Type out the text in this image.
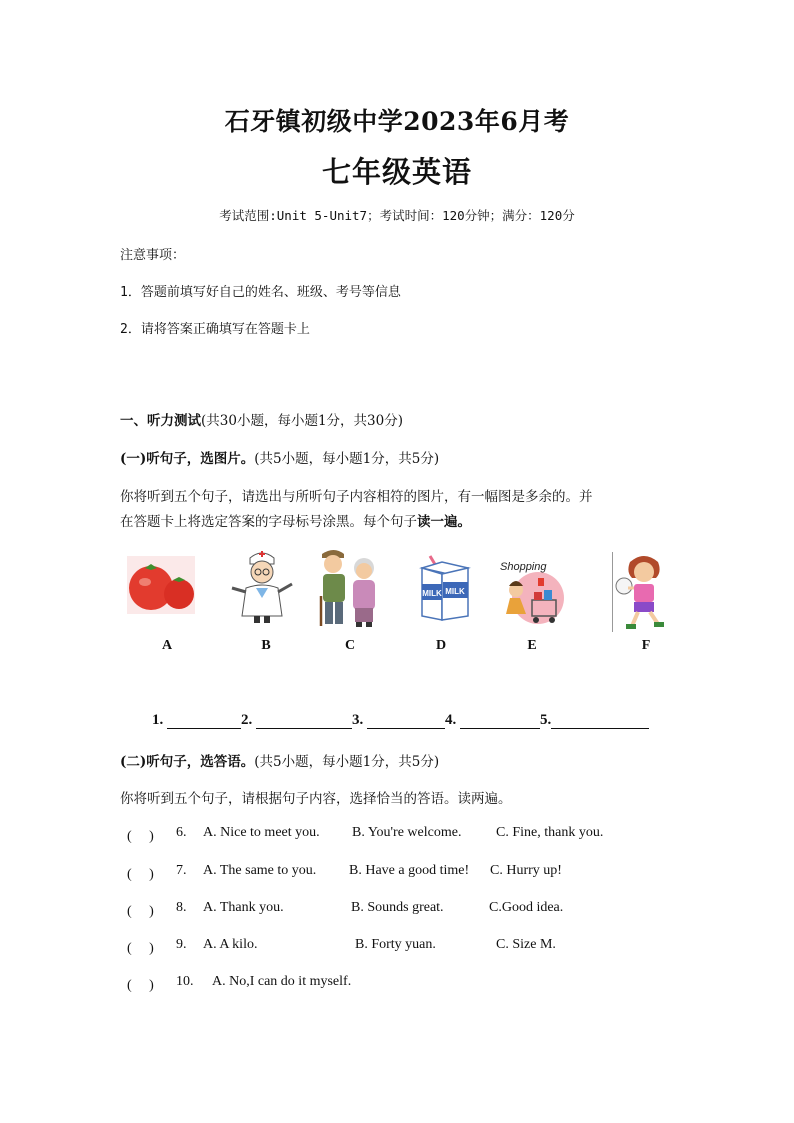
石牙镇初级中学2023年6月考
七年级英语
考试范围:Unit 5-Unit7；考试时间：120分钟；满分：120分
注意事项：
1．答题前填写好自己的姓名、班级、考号等信息
2．请将答案正确填写在答题卡上
一、听力测试(共30小题，每小题1分，共30分)
(一)听句子，选图片。(共5小题，每小题1分，共5分)
你将听到五个句子，请选出与所听句子内容相符的图片，有一幅图是多余的。并
在答题卡上将选定答案的字母标号涂黑。每个句子读一遍。
MILK MILK
Shopping
A	B	C	D	E	F
1.	2.	3.	4.	5.
(二)听句子，选答语。(共5小题，每小题1分，共5分)
你将听到五个句子，请根据句子内容，选择恰当的答语。读两遍。
(　 ) 6. A. Nice to meet you. B. You're welcome. C. Fine, thank you.
(　 ) 7. A. The same to you. B. Have a good time! C. Hurry up!
(　 ) 8. A. Thank you.	B. Sounds great.	C.Good idea.
(　 ) 9. A. A kilo.	B. Forty yuan.	C. Size M.
(　 ) 10. A. No,I can do it myself.
